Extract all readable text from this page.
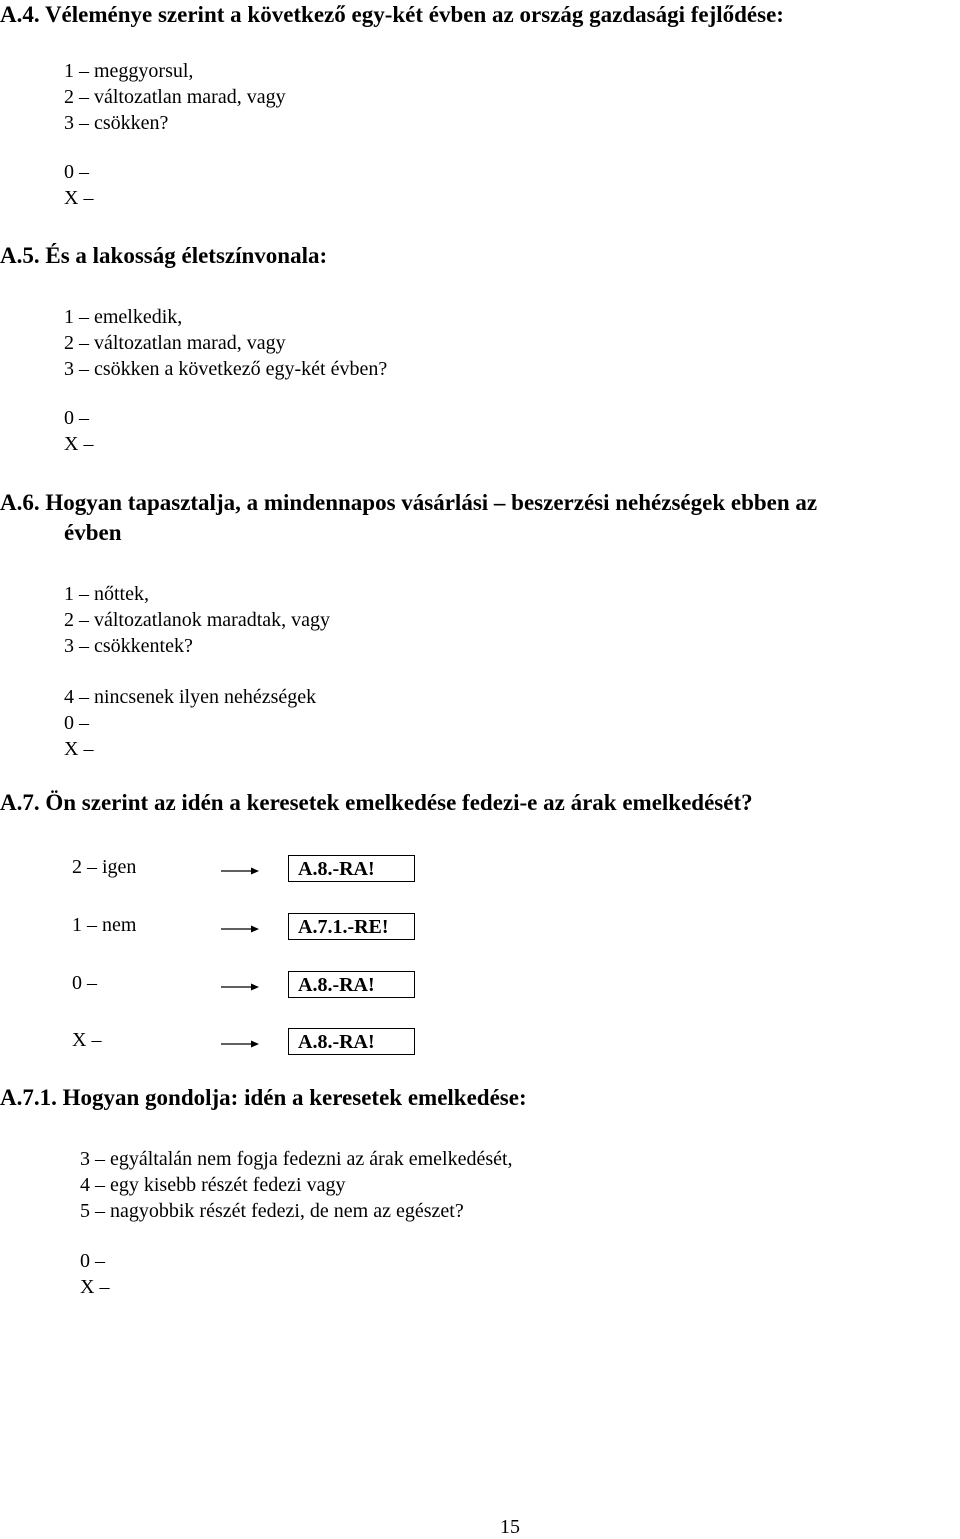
A.4. Véleménye szerint a következő egy-két évben az ország gazdasági fejlődése:
1 – meggyorsul,
2 – változatlan marad, vagy
3 – csökken?
0 –
X –
A.5. És a lakosság életszínvonala:
1 – emelkedik,
2 – változatlan marad, vagy
3 – csökken a következő egy-két évben?
0 –
X –
A.6. Hogyan tapasztalja, a mindennapos vásárlási – beszerzési nehézségek ebben az
évben
1 – nőttek,
2 – változatlanok maradtak, vagy
3 – csökkentek?
4 – nincsenek ilyen nehézségek
0 –
X –
A.7. Ön szerint az idén a keresetek emelkedése fedezi-e az árak emelkedését?
2 – igen	A.8.-RA!
1 – nem	A.7.1.-RE!
0 –	A.8.-RA!
X –	A.8.-RA!
A.7.1. Hogyan gondolja: idén a keresetek emelkedése:
3 – egyáltalán nem fogja fedezni az árak emelkedését,
4 – egy kisebb részét fedezi vagy
5 – nagyobbik részét fedezi, de nem az egészet?
0 –
X –
15
